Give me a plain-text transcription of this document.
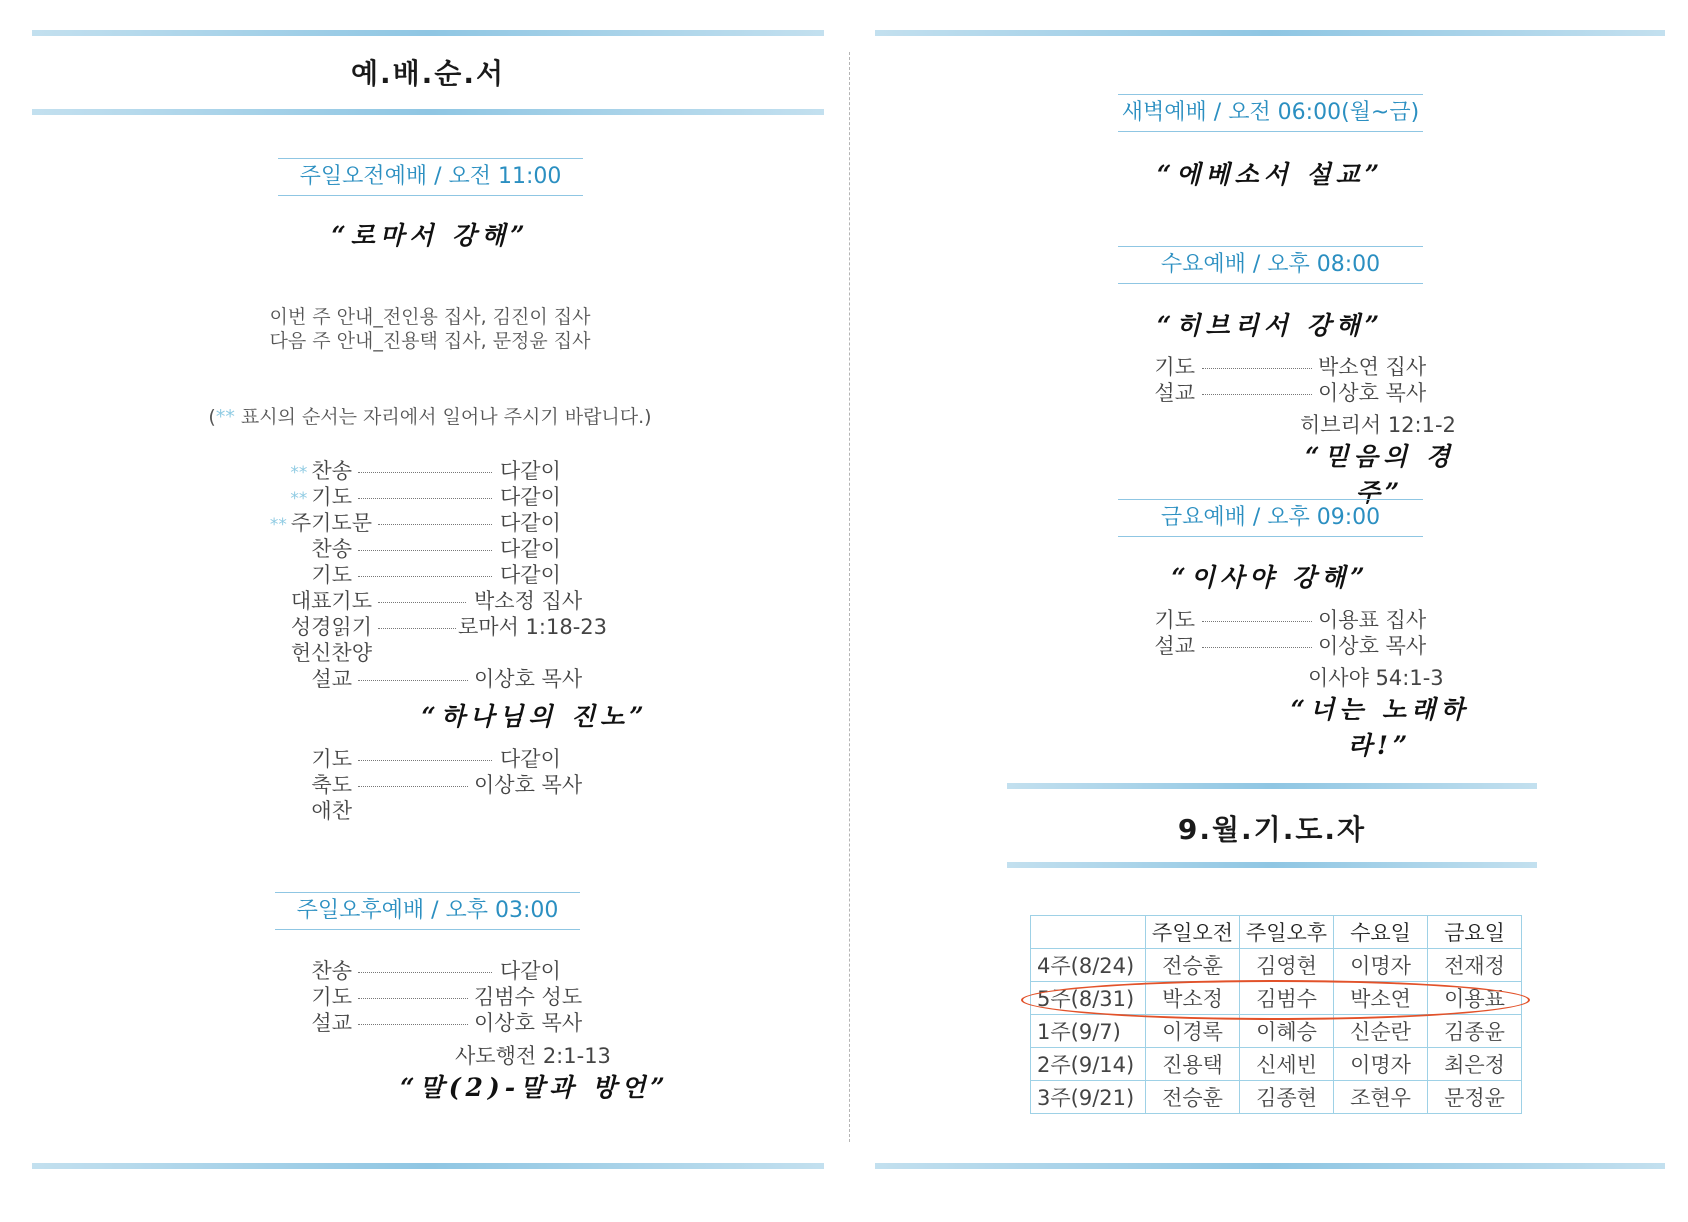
예.배.순.서
주일오전예배 / 오전 11:00
“로마서 강해”
이번 주 안내_전인용 집사, 김진이 집사
다음 주 안내_진용택 집사, 문정윤 집사
(** 표시의 순서는 자리에서 일어나 주시기 바랍니다.)
** 찬송	다같이
** 기도	다같이
** 주기도문	다같이
찬송	다같이
기도	다같이
대표기도	박소정 집사
성경읽기	로마서 1:18-23
헌신찬양
설교	이상호 목사
“하나님의 진노”
기도	다같이
축도	이상호 목사
애찬
주일오후예배 / 오후 03:00
찬송	다같이
기도	김범수 성도
설교	이상호 목사
사도행전 2:1-13
“말(2)-말과 방언”
새벽예배 / 오전 06:00(월~금)
“에베소서 설교”
수요예배 / 오후 08:00
“히브리서 강해”
기도	박소연 집사
설교	이상호 목사
히브리서 12:1-2
“믿음의 경주”
금요예배 / 오후 09:00
“이사야 강해”
기도	이용표 집사
설교	이상호 목사
이사야 54:1-3
“너는 노래하라!”
9.월.기.도.자
	주일오전	주일오후	수요일	금요일
4주(8/24)	전승훈	김영현	이명자	전재정
5주(8/31)	박소정	김범수	박소연	이용표
1주(9/7)	이경록	이혜승	신순란	김종윤
2주(9/14)	진용택	신세빈	이명자	최은정
3주(9/21)	전승훈	김종현	조현우	문정윤
